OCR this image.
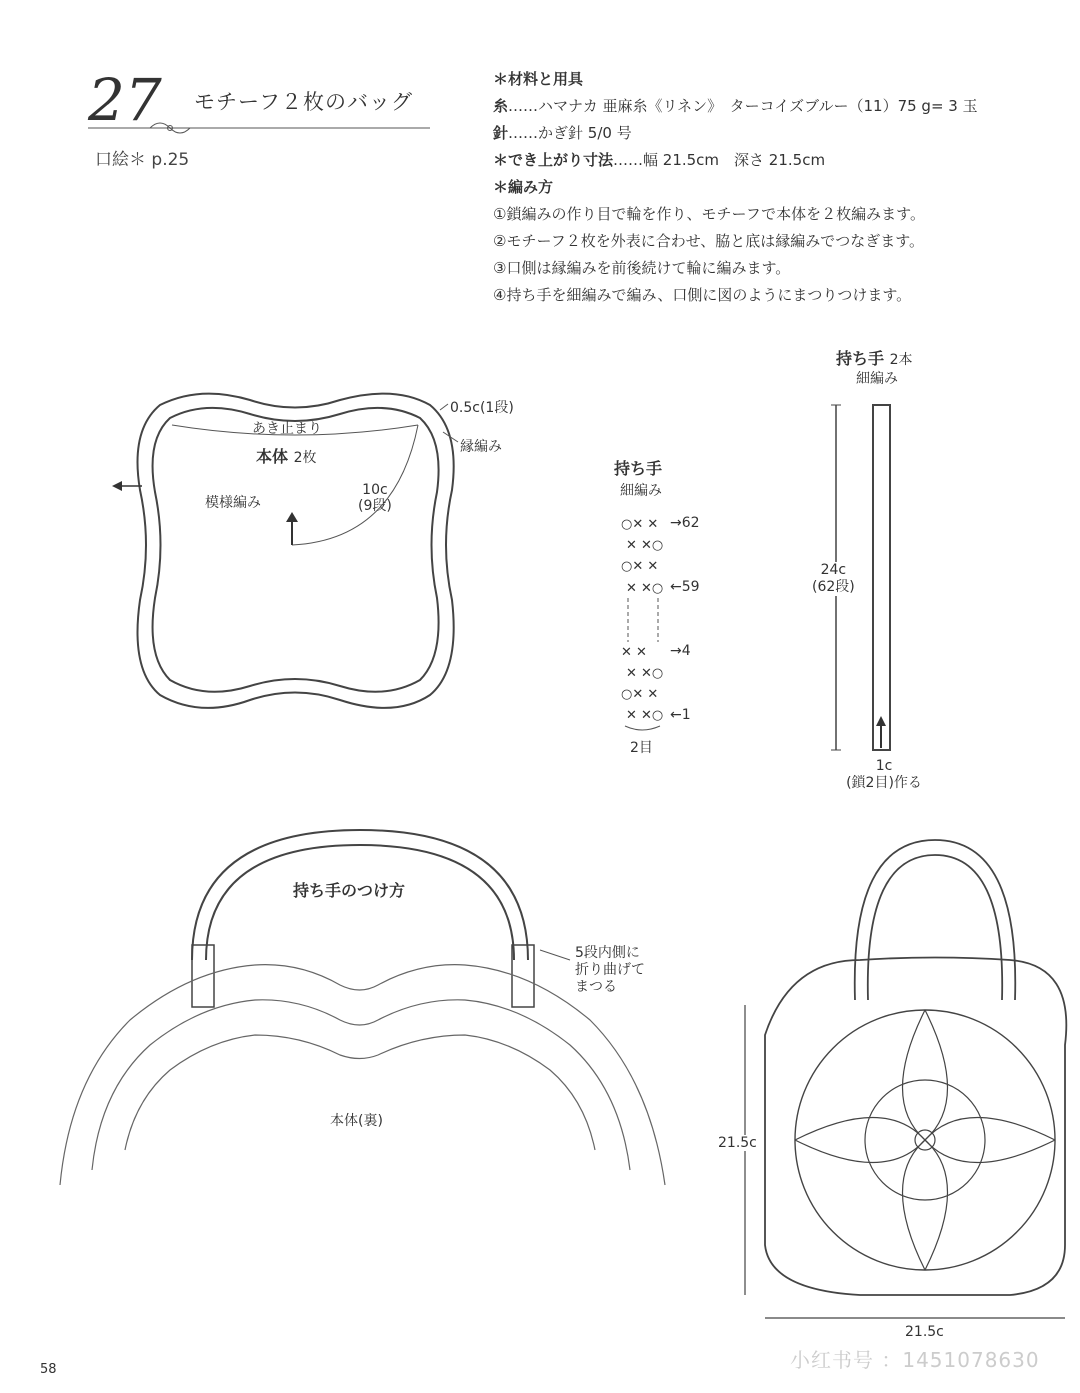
27 モチーフ２枚のバッグ
口絵＊ p.25
＊材料と用具
糸……ハマナカ 亜麻糸《リネン》　ターコイズブルー（11）75 g= 3 玉
針……かぎ針 5/0 号
＊でき上がり寸法……幅 21.5cm　深さ 21.5cm
＊編み方
①鎖編みの作り目で輪を作り、モチーフで本体を２枚編みます。
②モチーフ２枚を外表に合わせ、脇と底は縁編みでつなぎます。
③口側は縁編みを前後続けて輪に編みます。
④持ち手を細編みで編み、口側に図のようにまつりつけます。
○✕ ✕
✕ ✕○
○✕ ✕
✕ ✕○
✕ ✕
✕ ✕○
○✕ ✕
✕ ✕○
あき止まり
本体 2枚
模様編み
10c
(9段)
0.5c(1段)
縁編み
持ち手
細編み
→62
←59
→4
←1
2目
持ち手 2本
細編み
24c
(62段)
1c
(鎖2目)作る
持ち手のつけ方
5段内側に
折り曲げて
まつる
本体(裏)
21.5c
21.5c
58	小红书号 ：1451078630
